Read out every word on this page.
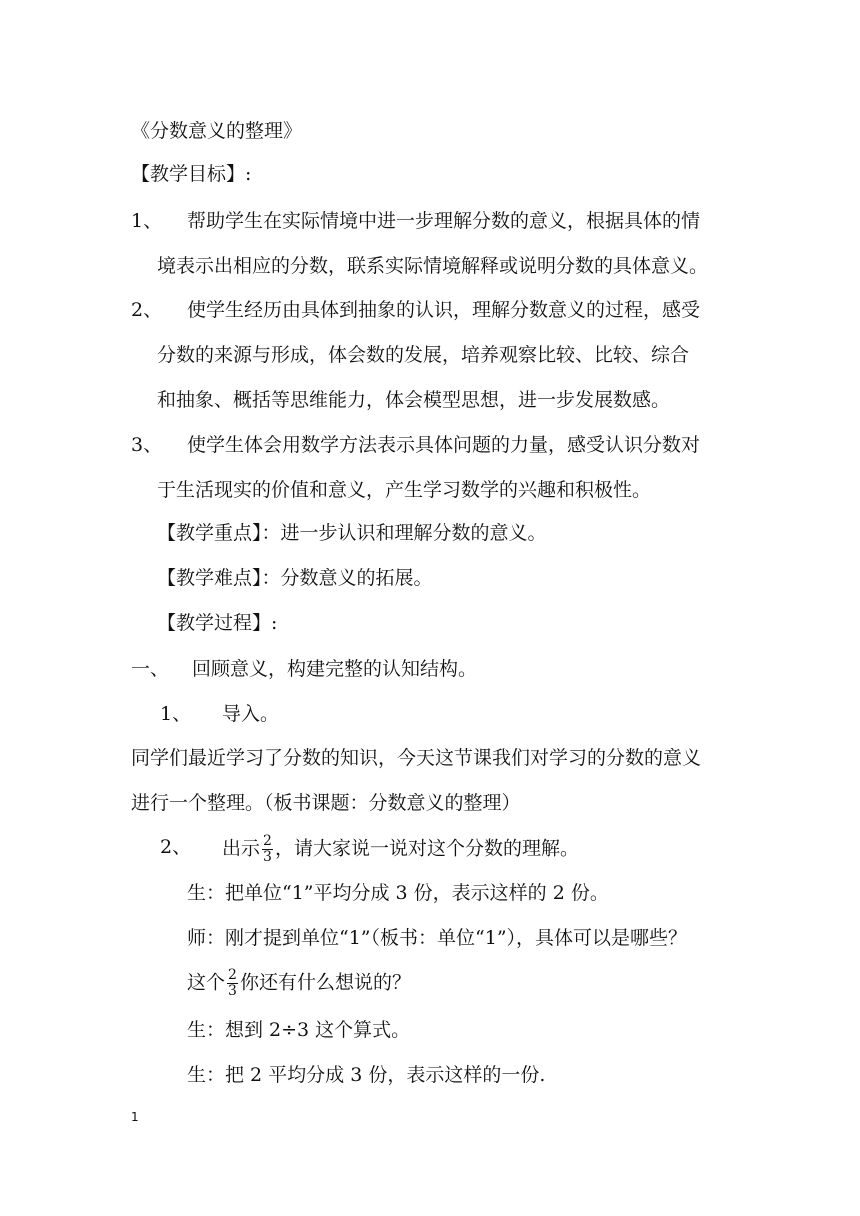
《分数意义的整理》
【教学目标】:
1、 帮助学生在实际情境中进一步理解分数的意义，根据具体的情
境表示出相应的分数，联系实际情境解释或说明分数的具体意义。
2、 使学生经历由具体到抽象的认识，理解分数意义的过程，感受
分数的来源与形成，体会数的发展，培养观察比较、比较、综合
和抽象、概括等思维能力，体会模型思想，进一步发展数感。
3、 使学生体会用数学方法表示具体问题的力量，感受认识分数对
于生活现实的价值和意义，产生学习数学的兴趣和积极性。
【教学重点】：进一步认识和理解分数的意义。
【教学难点】：分数意义的拓展。
【教学过程】:
一、 回顾意义，构建完整的认知结构。
1、 导入。
同学们最近学习了分数的知识，今天这节课我们对学习的分数的意义
进行一个整理。（板书课题：分数意义的整理）
2、 出示 $\frac{2}{3}$ ，请大家说一说对这个分数的理解。
生：把单位“1”平均分成 3 份，表示这样的 2 份。
师：刚才提到单位“1”（板书：单位“1”），具体可以是哪些？
这个 $\frac{2}{3}$ 你还有什么想说的？
生：想到 2÷3 这个算式。
生：把 2 平均分成 3 份，表示这样的一份.
1
